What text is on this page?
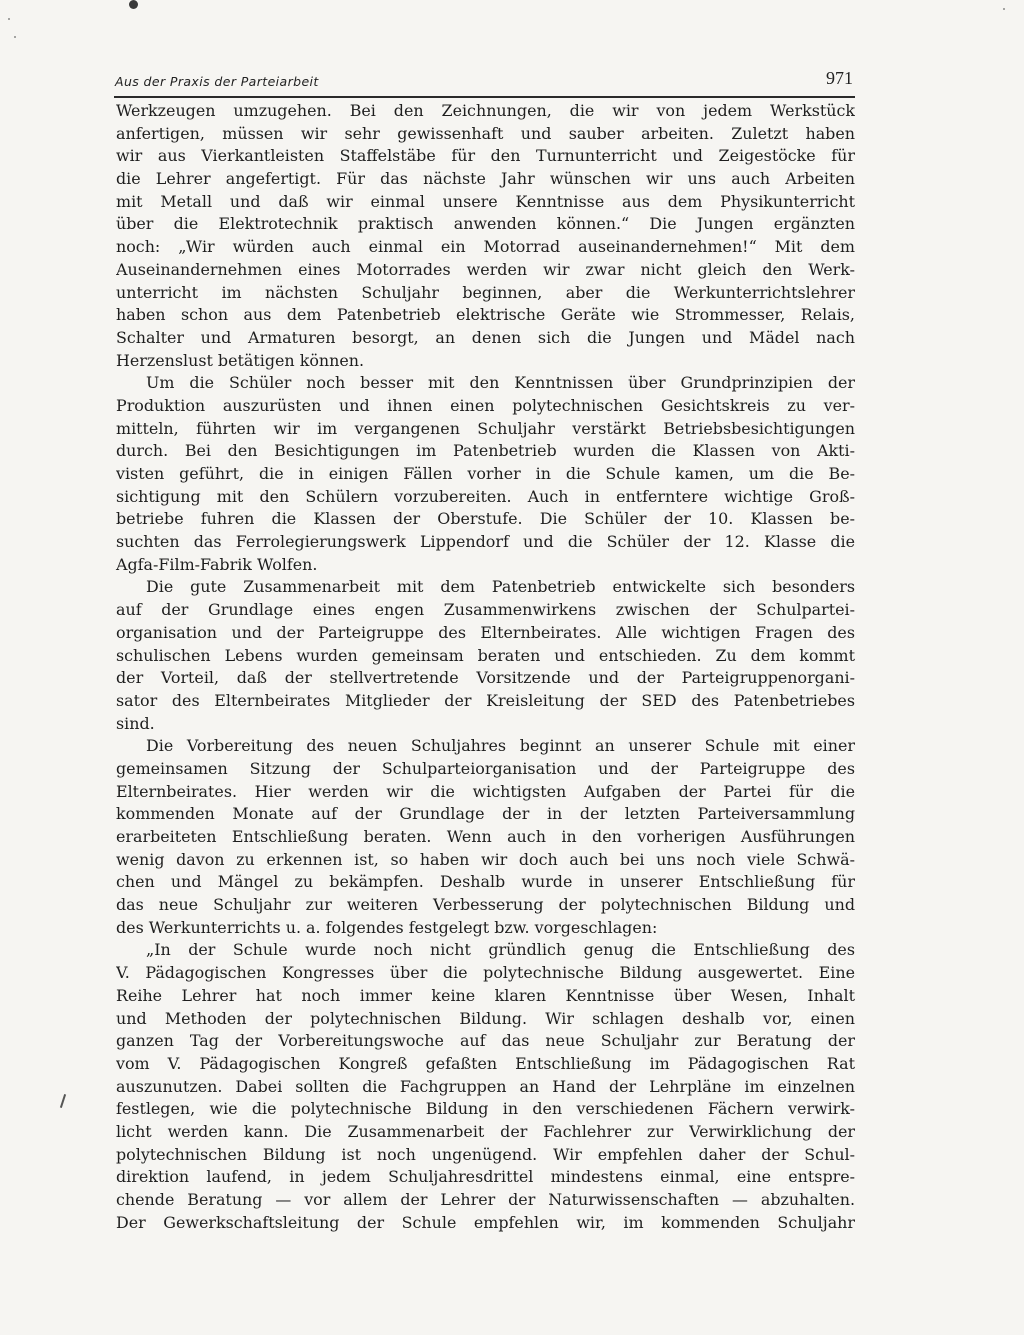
Aus der Praxis der Parteiarbeit	971
Werkzeugen umzugehen. Bei den Zeichnungen, die wir von jedem Werkstück
anfertigen, müssen wir sehr gewissenhaft und sauber arbeiten. Zuletzt haben
wir aus Vierkantleisten Staffelstäbe für den Turnunterricht und Zeigestöcke für
die Lehrer angefertigt. Für das nächste Jahr wünschen wir uns auch Arbeiten
mit Metall und daß wir einmal unsere Kenntnisse aus dem Physikunterricht
über die Elektrotechnik praktisch anwenden können.“ Die Jungen ergänzten
noch: „Wir würden auch einmal ein Motorrad auseinandernehmen!“ Mit dem
Auseinandernehmen eines Motorrades werden wir zwar nicht gleich den Werk-
unterricht im nächsten Schuljahr beginnen, aber die Werkunterrichtslehrer
haben schon aus dem Patenbetrieb elektrische Geräte wie Strommesser, Relais,
Schalter und Armaturen besorgt, an denen sich die Jungen und Mädel nach
Herzenslust betätigen können.
Um die Schüler noch besser mit den Kenntnissen über Grundprinzipien der
Produktion auszurüsten und ihnen einen polytechnischen Gesichtskreis zu ver-
mitteln, führten wir im vergangenen Schuljahr verstärkt Betriebsbesichtigungen
durch. Bei den Besichtigungen im Patenbetrieb wurden die Klassen von Akti-
visten geführt, die in einigen Fällen vorher in die Schule kamen, um die Be-
sichtigung mit den Schülern vorzubereiten. Auch in entferntere wichtige Groß-
betriebe fuhren die Klassen der Oberstufe. Die Schüler der 10. Klassen be-
suchten das Ferrolegierungswerk Lippendorf und die Schüler der 12. Klasse die
Agfa-Film-Fabrik Wolfen.
Die gute Zusammenarbeit mit dem Patenbetrieb entwickelte sich besonders
auf der Grundlage eines engen Zusammenwirkens zwischen der Schulpartei-
organisation und der Parteigruppe des Elternbeirates. Alle wichtigen Fragen des
schulischen Lebens wurden gemeinsam beraten und entschieden. Zu dem kommt
der Vorteil, daß der stellvertretende Vorsitzende und der Parteigruppenorgani-
sator des Elternbeirates Mitglieder der Kreisleitung der SED des Patenbetriebes
sind.
Die Vorbereitung des neuen Schuljahres beginnt an unserer Schule mit einer
gemeinsamen Sitzung der Schulparteiorganisation und der Parteigruppe des
Elternbeirates. Hier werden wir die wichtigsten Aufgaben der Partei für die
kommenden Monate auf der Grundlage der in der letzten Parteiversammlung
erarbeiteten Entschließung beraten. Wenn auch in den vorherigen Ausführungen
wenig davon zu erkennen ist, so haben wir doch auch bei uns noch viele Schwä-
chen und Mängel zu bekämpfen. Deshalb wurde in unserer Entschließung für
das neue Schuljahr zur weiteren Verbesserung der polytechnischen Bildung und
des Werkunterrichts u. a. folgendes festgelegt bzw. vorgeschlagen:
„In der Schule wurde noch nicht gründlich genug die Entschließung des
V. Pädagogischen Kongresses über die polytechnische Bildung ausgewertet. Eine
Reihe Lehrer hat noch immer keine klaren Kenntnisse über Wesen, Inhalt
und Methoden der polytechnischen Bildung. Wir schlagen deshalb vor, einen
ganzen Tag der Vorbereitungswoche auf das neue Schuljahr zur Beratung der
vom V. Pädagogischen Kongreß gefaßten Entschließung im Pädagogischen Rat
auszunutzen. Dabei sollten die Fachgruppen an Hand der Lehrpläne im einzelnen
festlegen, wie die polytechnische Bildung in den verschiedenen Fächern verwirk-
licht werden kann. Die Zusammenarbeit der Fachlehrer zur Verwirklichung der
polytechnischen Bildung ist noch ungenügend. Wir empfehlen daher der Schul-
direktion laufend, in jedem Schuljahresdrittel mindestens einmal, eine entspre-
chende Beratung — vor allem der Lehrer der Naturwissenschaften — abzuhalten.
Der Gewerkschaftsleitung der Schule empfehlen wir, im kommenden Schuljahr
